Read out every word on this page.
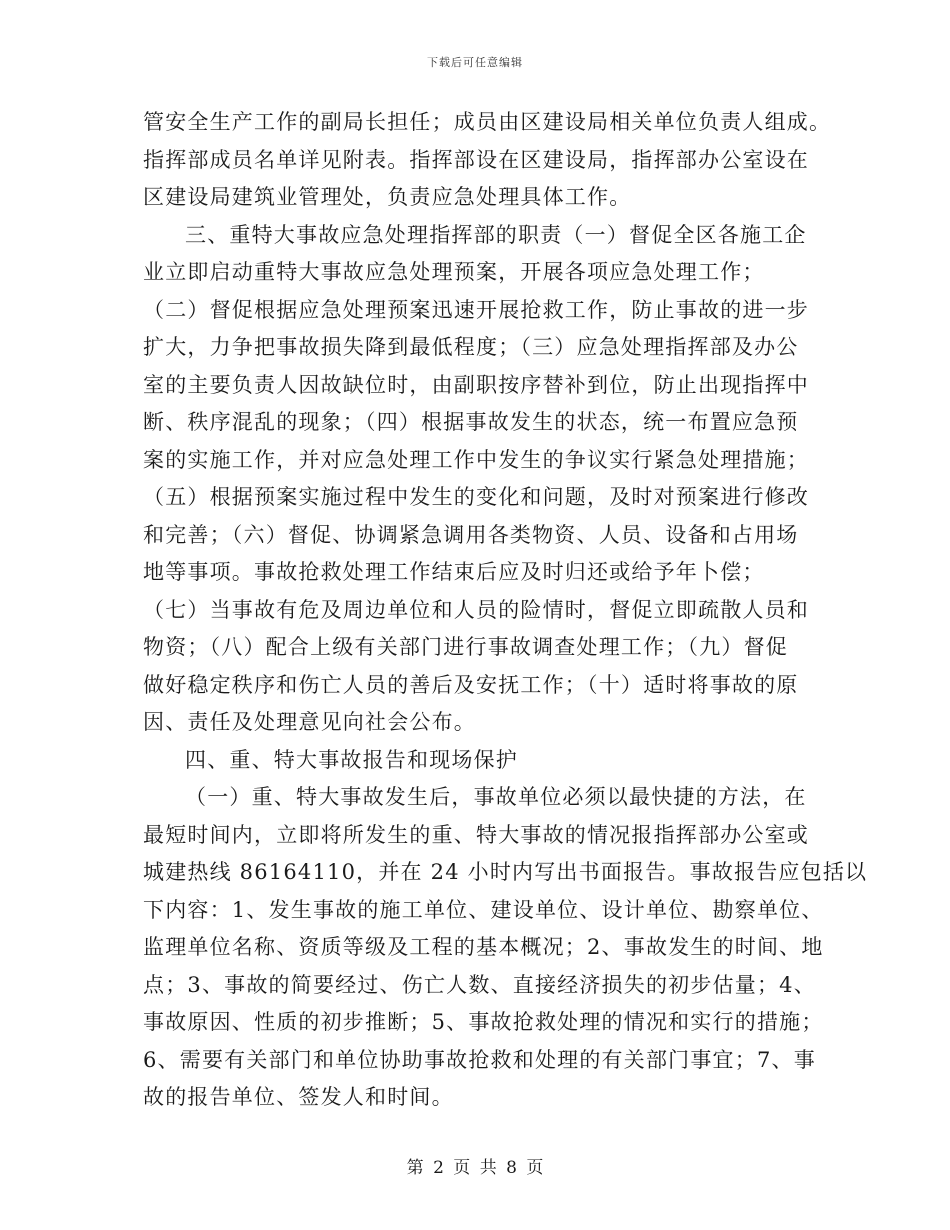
下载后可任意编辑
管安全生产工作的副局长担任；成员由区建设局相关单位负责人组成。
指挥部成员名单详见附表。指挥部设在区建设局，指挥部办公室设在
区建设局建筑业管理处，负责应急处理具体工作。
三、重特大事故应急处理指挥部的职责（一）督促全区各施工企
业立即启动重特大事故应急处理预案，开展各项应急处理工作；
（二）督促根据应急处理预案迅速开展抢救工作，防止事故的进一步
扩大，力争把事故损失降到最低程度；（三）应急处理指挥部及办公
室的主要负责人因故缺位时，由副职按序替补到位，防止出现指挥中
断、秩序混乱的现象；（四）根据事故发生的状态，统一布置应急预
案的实施工作，并对应急处理工作中发生的争议实行紧急处理措施；
（五）根据预案实施过程中发生的变化和问题，及时对预案进行修改
和完善；（六）督促、协调紧急调用各类物资、人员、设备和占用场
地等事项。事故抢救处理工作结束后应及时归还或给予年卜偿；
（七）当事故有危及周边单位和人员的险情时，督促立即疏散人员和
物资；（八）配合上级有关部门进行事故调查处理工作；（九）督促
做好稳定秩序和伤亡人员的善后及安抚工作；（十）适时将事故的原
因、责任及处理意见向社会公布。
四、重、特大事故报告和现场保护
（一）重、特大事故发生后，事故单位必须以最快捷的方法，在
最短时间内，立即将所发生的重、特大事故的情况报指挥部办公室或
城建热线 86164110，并在 24 小时内写出书面报告。事故报告应包括以
下内容：1、发生事故的施工单位、建设单位、设计单位、勘察单位、
监理单位名称、资质等级及工程的基本概况；2、事故发生的时间、地
点；3、事故的简要经过、伤亡人数、直接经济损失的初步估量；4、
事故原因、性质的初步推断；5、事故抢救处理的情况和实行的措施；
6、需要有关部门和单位协助事故抢救和处理的有关部门事宜；7、事
故的报告单位、签发人和时间。
第 2 页 共 8 页
